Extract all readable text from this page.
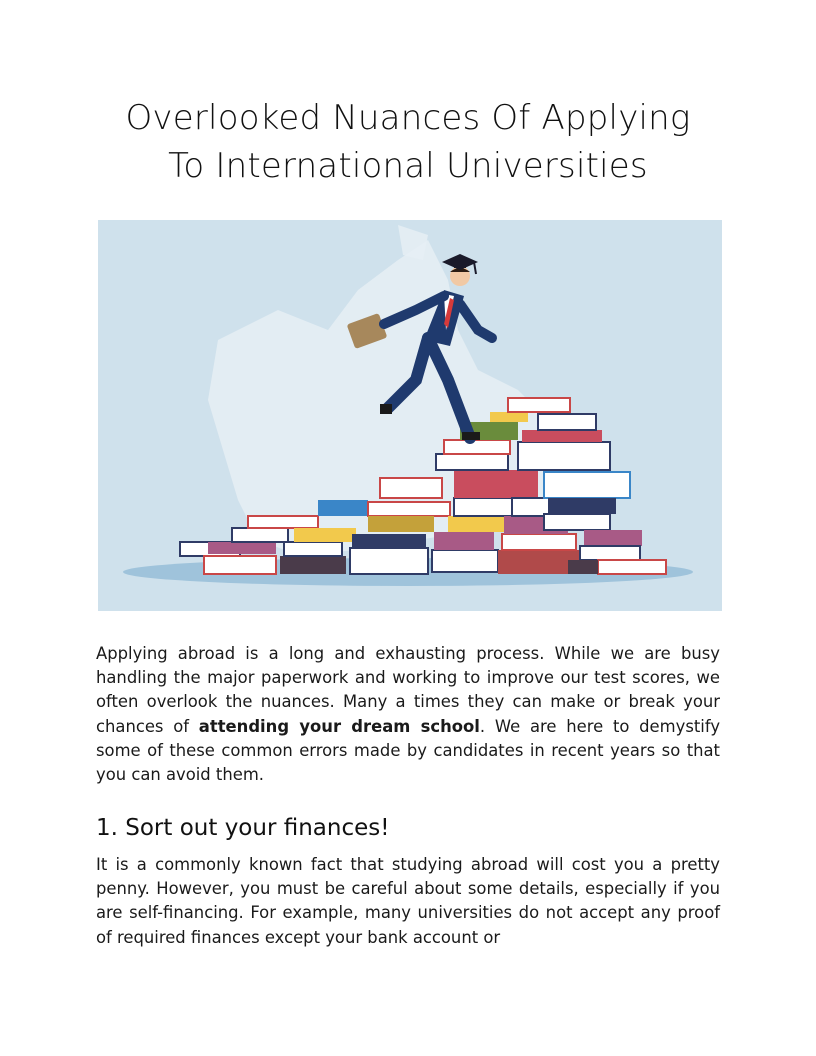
Overlooked Nuances Of Applying
To International Universities

Applying abroad is a long and exhausting process. While we are busy handling the major paperwork and working to improve our test scores, we often overlook the nuances. Many a times they can make or break your chances of attending your dream school. We are here to demystify some of these common errors made by candidates in recent years so that you can avoid them.

1. Sort out your finances!

It is a commonly known fact that studying abroad will cost you a pretty penny. However, you must be careful about some details, especially if you are self-financing. For example, many universities do not accept any proof of required finances except your bank account or
